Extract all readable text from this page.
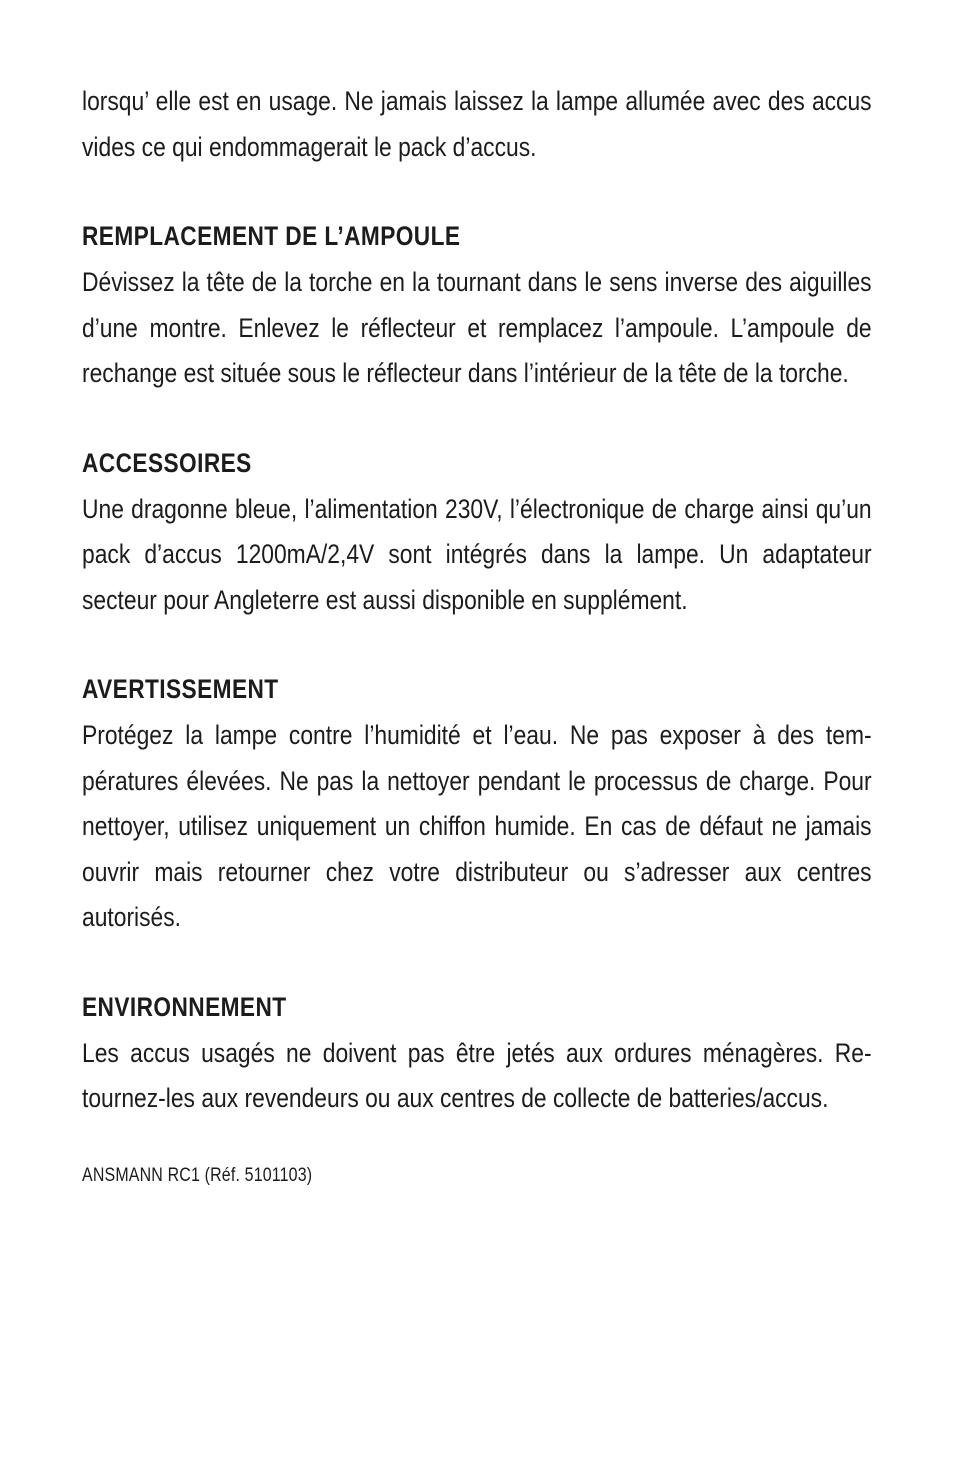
lorsqu’ elle est en usage. Ne jamais laissez la lampe allumée avec des accus vides ce qui endommagerait le pack d’accus.

REMPLACEMENT DE L’AMPOULE

Dévissez la tête de la torche en la tournant dans le sens inverse des aiguilles d’une montre. Enlevez le réflecteur et remplacez l’ampoule. L’ampoule de rechange est située sous le réflecteur dans l’intérieur de la tête de la torche.

ACCESSOIRES

Une dragonne bleue, l’alimentation 230V, l’électronique de charge ainsi qu’un pack d’accus 1200mA/2,4V sont intégrés dans la lampe. Un adaptateur secteur pour Angleterre est aussi disponible en supplément.

AVERTISSEMENT

Protégez la lampe contre l’humidité et l’eau. Ne pas exposer à des températures élevées. Ne pas la nettoyer pendant le processus de charge. Pour nettoyer, utilisez uniquement un chiffon humide. En cas de défaut ne jamais ouvrir mais retourner chez votre distributeur ou s’adresser aux centres autorisés.

ENVIRONNEMENT

Les accus usagés ne doivent pas être jetés aux ordures ménagères. Retournez-les aux revendeurs ou aux centres de collecte de batteries/accus.

ANSMANN RC1 (Réf. 5101103)
